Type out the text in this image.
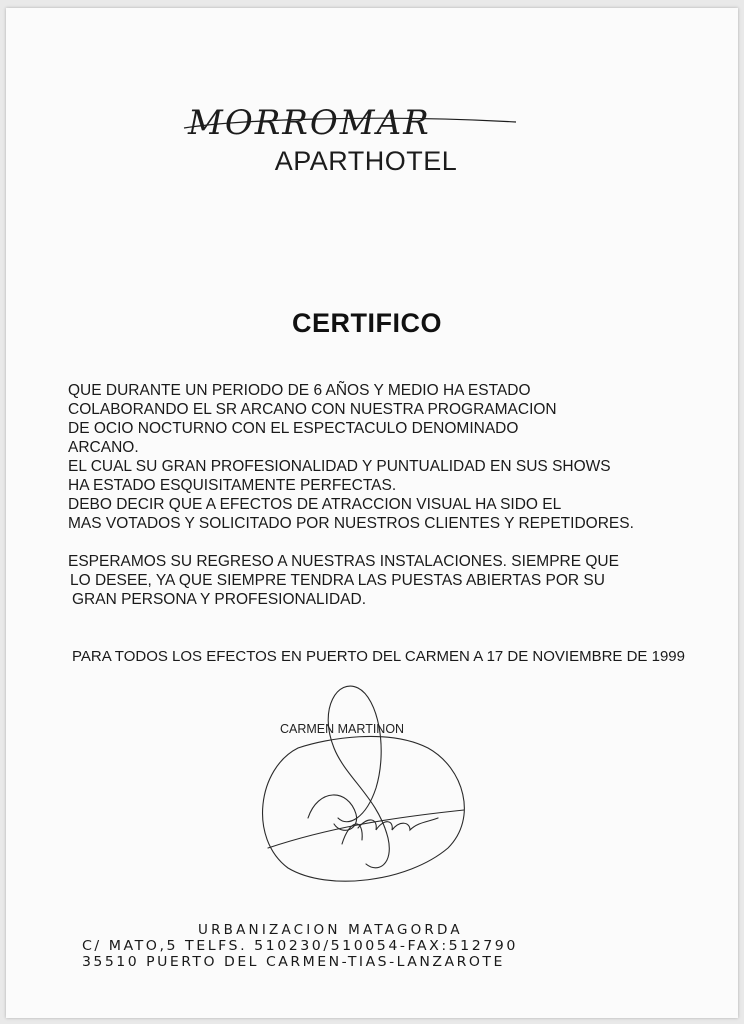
MORROMAR
APARTHOTEL
CERTIFICO
QUE DURANTE UN PERIODO DE 6 AÑOS Y MEDIO HA ESTADO
COLABORANDO EL SR ARCANO CON NUESTRA PROGRAMACION
DE OCIO NOCTURNO CON EL ESPECTACULO DENOMINADO
ARCANO.
EL CUAL SU GRAN PROFESIONALIDAD Y PUNTUALIDAD EN SUS SHOWS
HA ESTADO ESQUISITAMENTE PERFECTAS.
DEBO DECIR QUE A EFECTOS DE ATRACCION VISUAL HA SIDO EL
MAS VOTADOS Y SOLICITADO POR NUESTROS CLIENTES Y REPETIDORES.
ESPERAMOS SU REGRESO A NUESTRAS INSTALACIONES. SIEMPRE QUE
LO DESEE, YA QUE SIEMPRE TENDRA LAS PUESTAS ABIERTAS POR SU
GRAN PERSONA Y PROFESIONALIDAD.
PARA TODOS LOS EFECTOS EN PUERTO DEL CARMEN A 17 DE NOVIEMBRE DE 1999
CARMEN MARTINON
URBANIZACION MATAGORDA
C/ MATO,5 TELFS. 510230/510054-FAX:512790
35510 PUERTO DEL CARMEN-TIAS-LANZAROTE
